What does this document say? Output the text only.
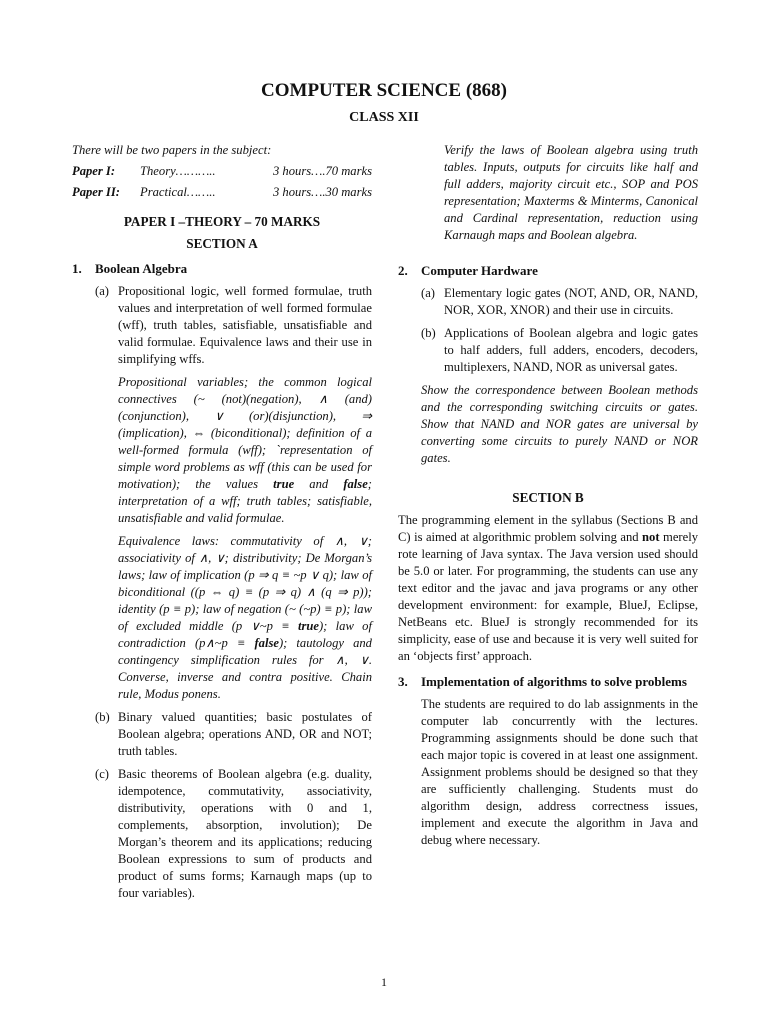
COMPUTER SCIENCE (868)
CLASS XII

There will be two papers in the subject:

Paper I:	Theory………..	3 hours….70 marks
Paper II:	Practical……..	3 hours….30 marks

PAPER I –THEORY – 70 MARKS

SECTION A

1.	Boolean Algebra
(a) Propositional logic, well formed formulae, truth values and interpretation of well formed formulae (wff), truth tables, satisfiable, unsatisfiable and valid formulae. Equivalence laws and their use in simplifying wffs.

Propositional variables; the common logical connectives (~ (not)(negation), ∧ (and)(conjunction), ∨ (or)(disjunction), ⇒ (implication), ⇔ (biconditional); definition of a well-formed formula (wff); `representation of simple word problems as wff (this can be used for motivation); the values true and false; interpretation of a wff; truth tables; satisfiable, unsatisfiable and valid formulae.

Equivalence laws: commutativity of ∧, ∨; associativity of ∧, ∨; distributivity; De Morgan’s laws; law of implication (p ⇒ q ≡ ~p ∨ q); law of biconditional ((p ⇔ q) ≡ (p ⇒ q) ∧ (q ⇒ p)); identity (p ≡ p); law of negation (~ (~p) ≡ p); law of excluded middle (p ∨~p ≡ true); law of contradiction (p∧~p ≡ false); tautology and contingency simplification rules for ∧, ∨. Converse, inverse and contra positive. Chain rule, Modus ponens.

(b) Binary valued quantities; basic postulates of Boolean algebra; operations AND, OR and NOT; truth tables.
(c) Basic theorems of Boolean algebra (e.g. duality, idempotence, commutativity, associativity, distributivity, operations with 0 and 1, complements, absorption, involution); De Morgan’s theorem and its applications; reducing Boolean expressions to sum of products and product of sums forms; Karnaugh maps (up to four variables).

Verify the laws of Boolean algebra using truth tables. Inputs, outputs for circuits like half and full adders, majority circuit etc., SOP and POS representation; Maxterms & Minterms, Canonical and Cardinal representation, reduction using Karnaugh maps and Boolean algebra.

2.	Computer Hardware
(a) Elementary logic gates (NOT, AND, OR, NAND, NOR, XOR, XNOR) and their use in circuits.
(b) Applications of Boolean algebra and logic gates to half adders, full adders, encoders, decoders, multiplexers, NAND, NOR as universal gates.

Show the correspondence between Boolean methods and the corresponding switching circuits or gates. Show that NAND and NOR gates are universal by converting some circuits to purely NAND or NOR gates.

SECTION B

The programming element in the syllabus (Sections B and C) is aimed at algorithmic problem solving and not merely rote learning of Java syntax. The Java version used should be 5.0 or later. For programming, the students can use any text editor and the javac and java programs or any other development environment: for example, BlueJ, Eclipse, NetBeans etc. BlueJ is strongly recommended for its simplicity, ease of use and because it is very well suited for an ‘objects first’ approach.

3.	Implementation of algorithms to solve problems

The students are required to do lab assignments in the computer lab concurrently with the lectures. Programming assignments should be done such that each major topic is covered in at least one assignment. Assignment problems should be designed so that they are sufficiently challenging. Students must do algorithm design, address correctness issues, implement and execute the algorithm in Java and debug where necessary.

1
